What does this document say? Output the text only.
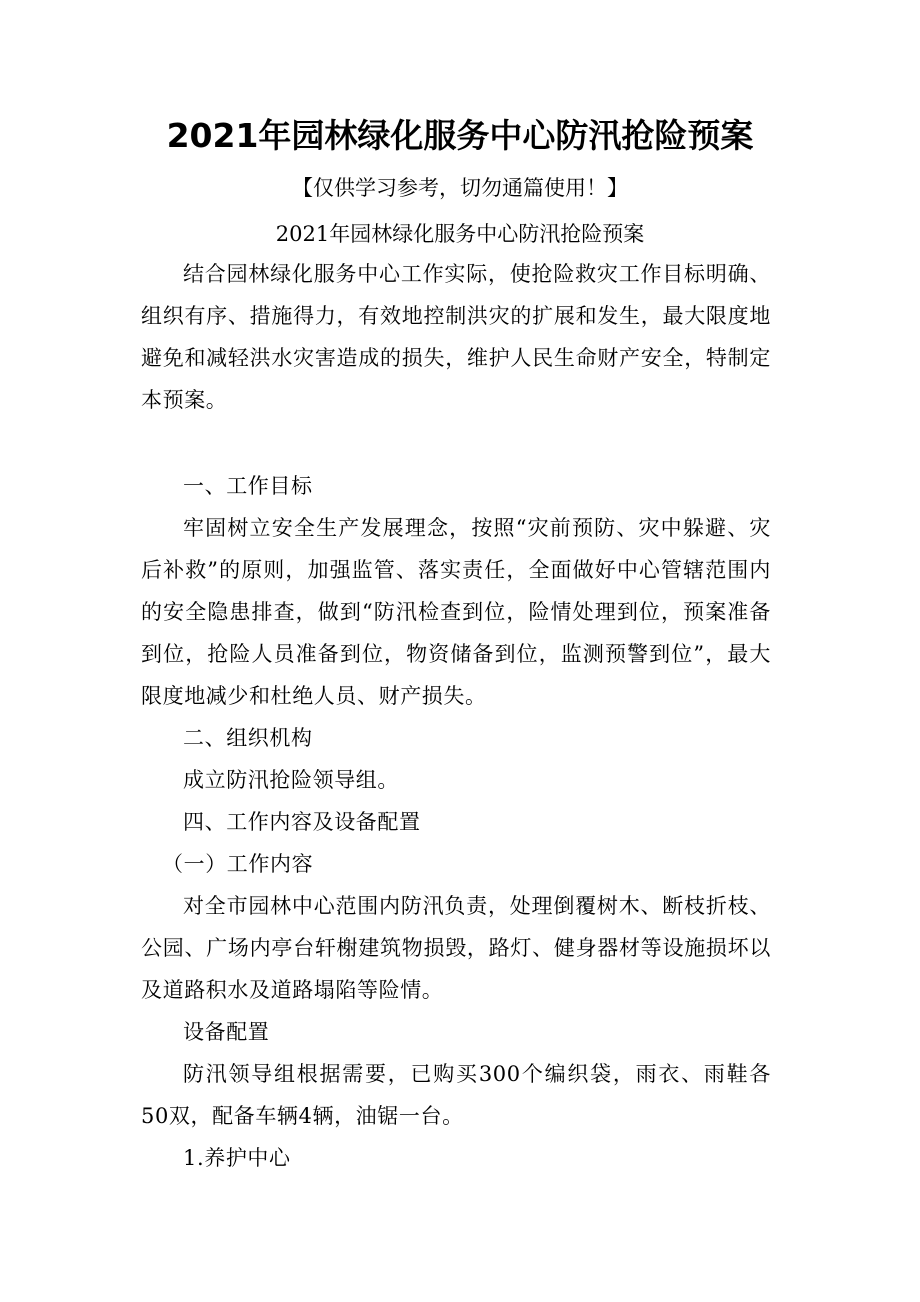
2021年园林绿化服务中心防汛抢险预案

【仅供学习参考，切勿通篇使用！】

2021年园林绿化服务中心防汛抢险预案

结合园林绿化服务中心工作实际，使抢险救灾工作目标明确、组织有序、措施得力，有效地控制洪灾的扩展和发生，最大限度地避免和减轻洪水灾害造成的损失，维护人民生命财产安全，特制定本预案。

一、工作目标

牢固树立安全生产发展理念，按照“灾前预防、灾中躲避、灾后补救”的原则，加强监管、落实责任，全面做好中心管辖范围内的安全隐患排查，做到“防汛检查到位，险情处理到位，预案准备到位，抢险人员准备到位，物资储备到位，监测预警到位”，最大限度地减少和杜绝人员、财产损失。

二、组织机构

成立防汛抢险领导组。

四、工作内容及设备配置

（一）工作内容

对全市园林中心范围内防汛负责，处理倒覆树木、断枝折枝、公园、广场内亭台轩榭建筑物损毁，路灯、健身器材等设施损坏以及道路积水及道路塌陷等险情。

设备配置

防汛领导组根据需要，已购买300个编织袋，雨衣、雨鞋各50双，配备车辆4辆，油锯一台。

1.养护中心
